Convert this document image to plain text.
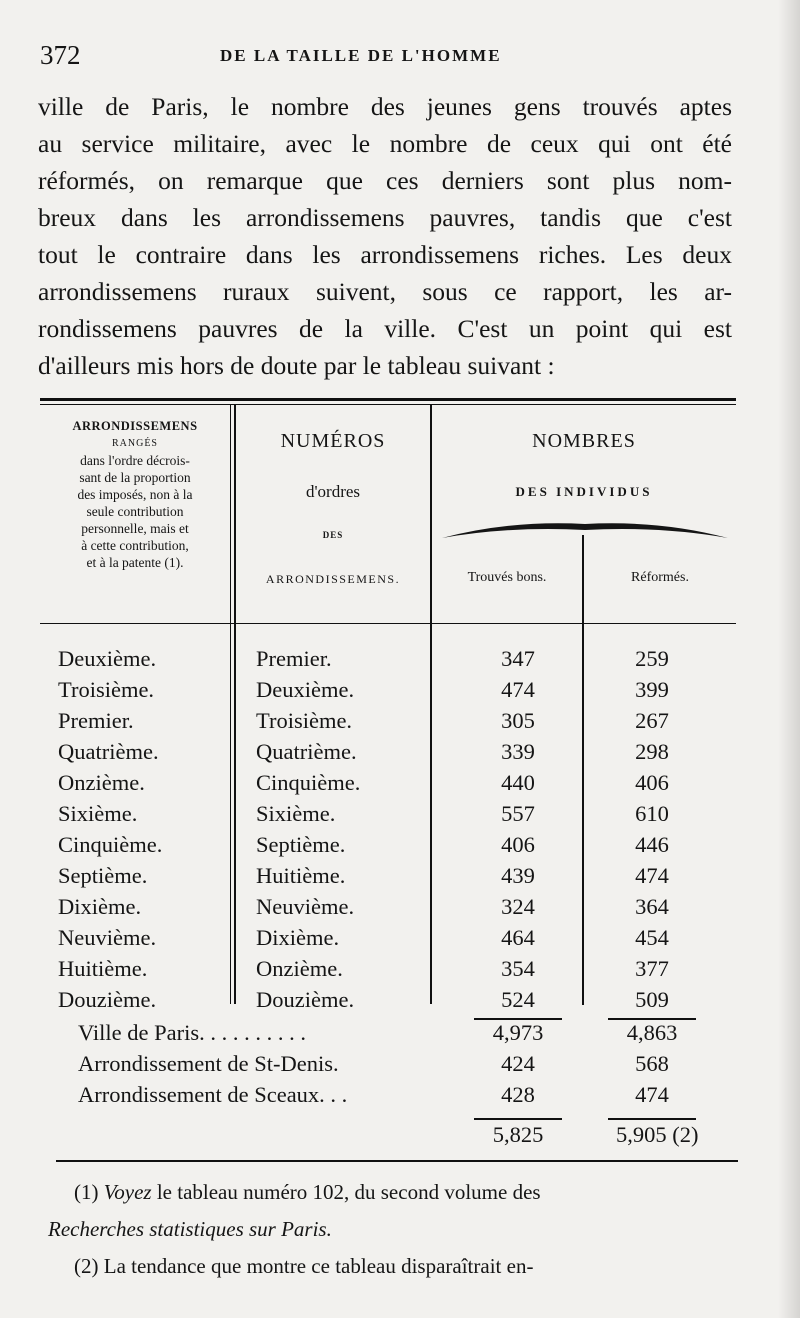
372	DE LA TAILLE DE L'HOMME
ville de Paris, le nombre des jeunes gens trouvés aptes
au service militaire, avec le nombre de ceux qui ont été
réformés, on remarque que ces derniers sont plus nom-
breux dans les arrondissemens pauvres, tandis que c'est
tout le contraire dans les arrondissemens riches. Les deux
arrondissemens ruraux suivent, sous ce rapport, les ar-
rondissemens pauvres de la ville. C'est un point qui est
d'ailleurs mis hors de doute par le tableau suivant :
ARRONDISSEMENS
RANGÉS
dans l'ordre décrois-
sant de la proportion
des imposés, non à la
seule contribution
personnelle, mais et
à cette contribution,
et à la patente (1).
NUMÉROS
d'ordres
DES
ARRONDISSEMENS.
NOMBRES
DES INDIVIDUS
Trouvés bons.	Réformés.
Deuxième.	Premier.	347	259
Troisième.	Deuxième.	474	399
Premier.	Troisième.	305	267
Quatrième.	Quatrième.	339	298
Onzième.	Cinquième.	440	406
Sixième.	Sixième.	557	610
Cinquième.	Septième.	406	446
Septième.	Huitième.	439	474
Dixième.	Neuvième.	324	364
Neuvième.	Dixième.	464	454
Huitième.	Onzième.	354	377
Douzième.	Douzième.	524	509
Ville de Paris. . . . . . . . . .	4,973	4,863
Arrondissement de St-Denis.	424	568
Arrondissement de Sceaux. . .	428	474
5,825	5,905 (2)
(1) Voyez le tableau numéro 102, du second volume des
Recherches statistiques sur Paris.
(2) La tendance que montre ce tableau disparaîtrait en-
